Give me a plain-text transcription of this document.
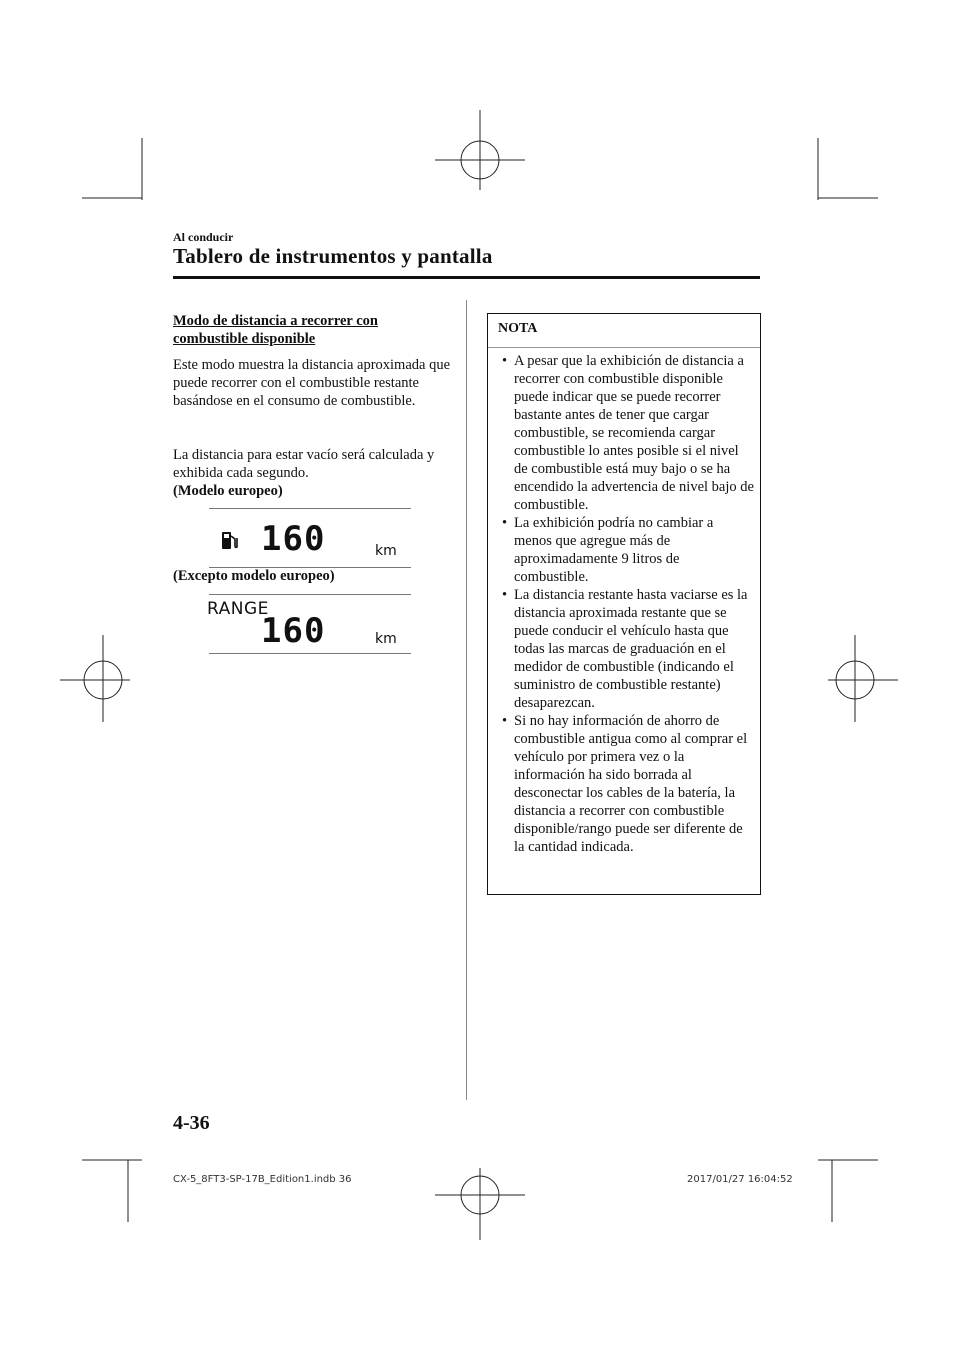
Al conducir
Tablero de instrumentos y pantalla
Modo de distancia a recorrer con combustible disponible
Este modo muestra la distancia aproximada que puede recorrer con el combustible restante basándose en el consumo de combustible.
La distancia para estar vacío será calculada y exhibida cada segundo.
(Modelo europeo)
160	km
(Excepto modelo europeo)
RANGE
160	km
NOTA
• A pesar que la exhibición de distancia a recorrer con combustible disponible puede indicar que se puede recorrer bastante antes de tener que cargar combustible, se recomienda cargar combustible lo antes posible si el nivel de combustible está muy bajo o se ha encendido la advertencia de nivel bajo de combustible.
• La exhibición podría no cambiar a menos que agregue más de aproximadamente 9 litros de combustible.
• La distancia restante hasta vaciarse es la distancia aproximada restante que se puede conducir el vehículo hasta que todas las marcas de graduación en el medidor de combustible (indicando el suministro de combustible restante) desaparezcan.
• Si no hay información de ahorro de combustible antigua como al comprar el vehículo por primera vez o la información ha sido borrada al desconectar los cables de la batería, la distancia a recorrer con combustible disponible/rango puede ser diferente de la cantidad indicada.
4-36
CX-5_8FT3-SP-17B_Edition1.indb 36	2017/01/27 16:04:52
